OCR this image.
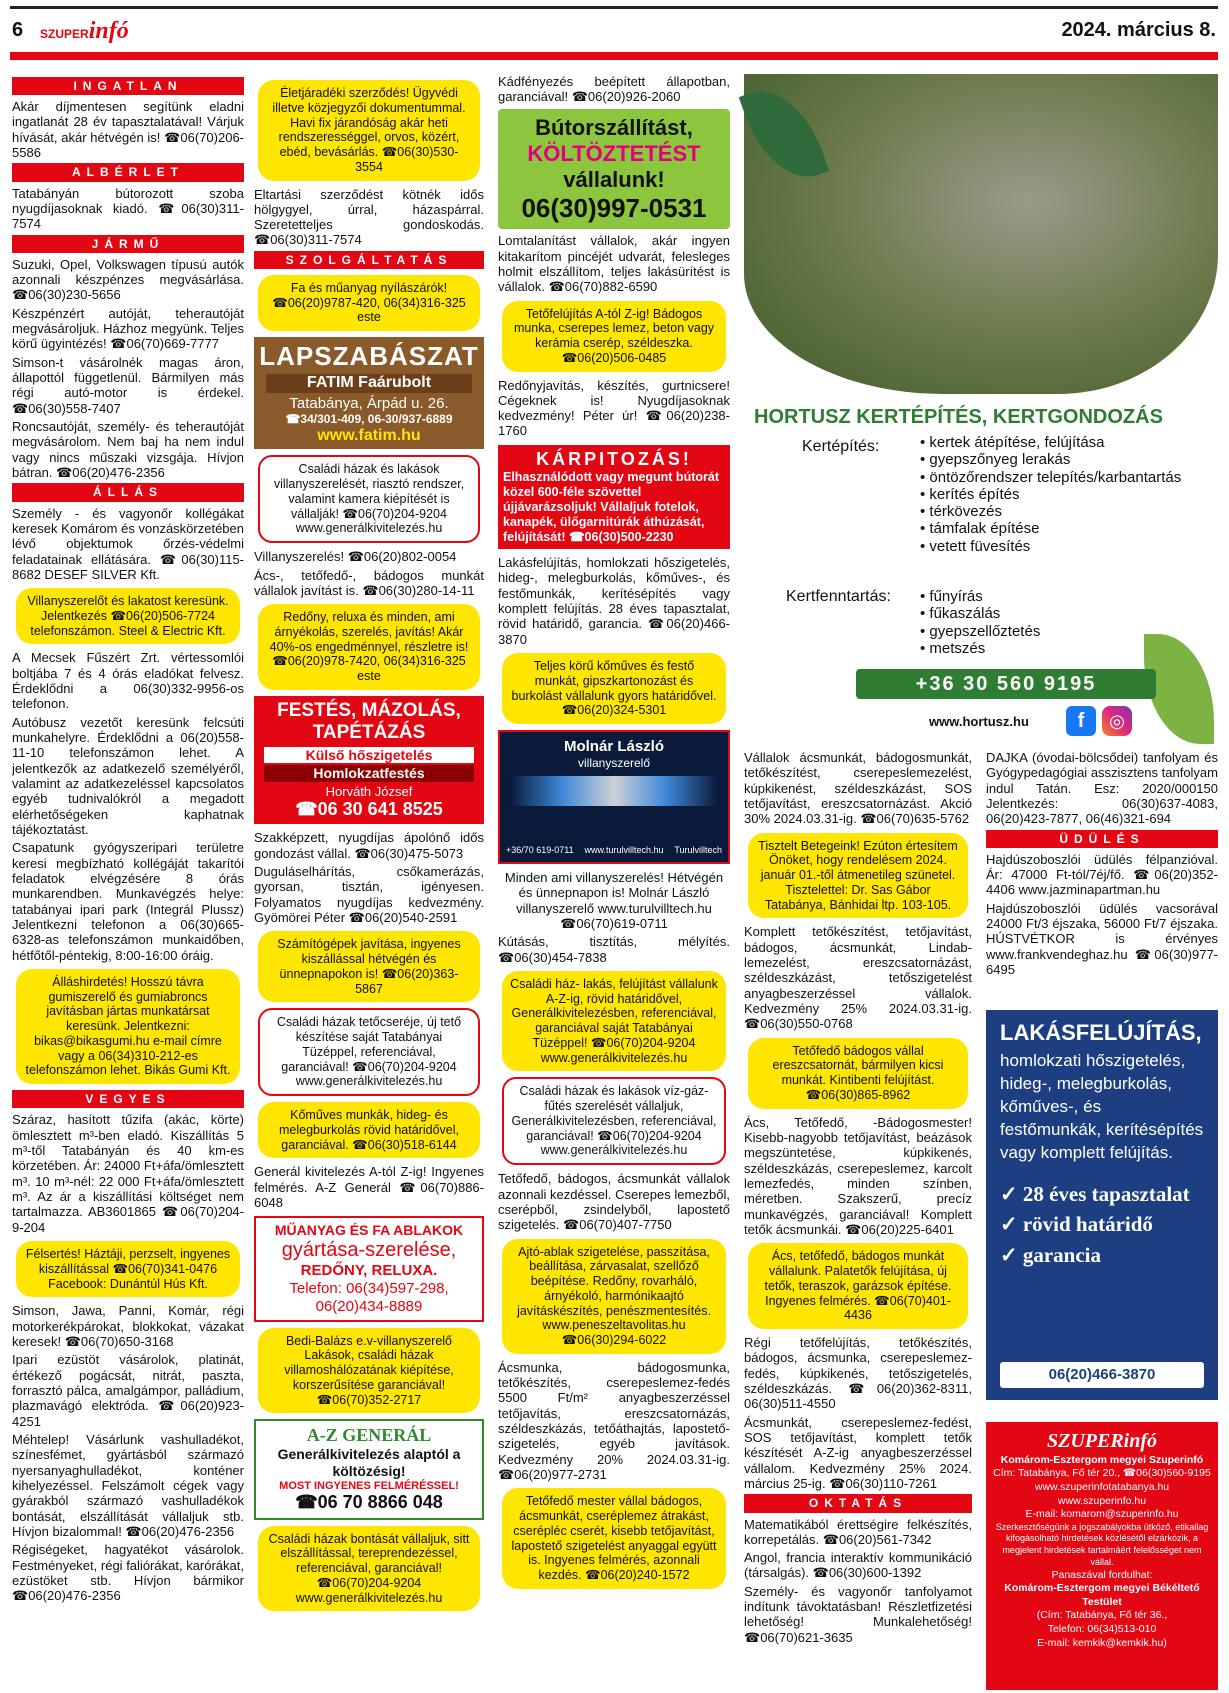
6 SZUPERinfó	2024. március 8.
INGATLAN

Akár díjmentesen segítünk eladni ingatlanát 28 év tapasztalatával! Várjuk hívását, akár hétvégén is! ☎06(70)206-5586

ALBÉRLET

Tatabányán bútorozott szoba nyugdíjasoknak kiadó. ☎06(30)311-7574

JÁRMŰ

Suzuki, Opel, Volkswagen típusú autók azonnali készpénzes megvásárlása. ☎06(30)230-5656

Készpénzért autóját, teherautóját megvásároljuk. Házhoz megyünk. Teljes körű ügyintézés! ☎06(70)669-7777

Simson-t vásárolnék magas áron, állapottól függetlenül. Bármilyen más régi autó-motor is érdekel. ☎06(30)558-7407

Roncsautóját, személy- és teherautóját megvásárolom. Nem baj ha nem indul vagy nincs műszaki vizsgája. Hívjon bátran. ☎06(20)476-2356

ÁLLÁS

Személy - és vagyonőr kollégákat keresek Komárom és vonzáskörzetében lévő objektumok őrzés-védelmi feladatainak ellátására. ☎06(30)115-8682 DESEF SILVER Kft.

Villanyszerelőt és lakatost keresünk. Jelentkezés ☎06(20)506-7724 telefonszámon. Steel & Electric Kft.

A Mecsek Fűszért Zrt. vértessomlói boltjába 7 és 4 órás eladókat felvesz. Érdeklődni a 06(30)332-9956-os telefonon.

Autóbusz vezetőt keresünk felcsúti munkahelyre. Érdeklődni a 06(20)558-11-10 telefonszámon lehet. A jelentkezők az adatkezelő személyéről, valamint az adatkezeléssel kapcsolatos egyéb tudnivalókról a megadott elérhetőségeken kaphatnak tájékoztatást.

Csapatunk gyógyszeripari területre keresi megbízható kollégáját takarítói feladatok elvégzésére 8 órás munkarendben. Munkavégzés helye: tatabányai ipari park (Integrál Plussz) Jelentkezni telefonon a 06(30)665-6328-as telefonszámon munkaidőben, hétfőtől-péntekig, 8:00-16:00 óráig.

Álláshirdetés! Hosszú távra gumiszerelő és gumiabroncs javításban jártas munkatársat keresünk. Jelentkezni: bikas@bikasgumi.hu e-mail címre vagy a 06(34)310-212-es telefonszámon lehet. Bikás Gumi Kft.
VEGYES

Száraz, hasított tűzifa (akác, körte) ömlesztett m³-ben eladó. Kiszállítás 5 m³-től Tatabányán és 40 km-es körzetében. Ár: 24000 Ft+áfa/ömlesztett m³. 10 m³-nél: 22 000 Ft+áfa/ömlesztett m³. Az ár a kiszállítási költséget nem tartalmazza. AB3601865 ☎06(70)204-9-204

Félsertés! Háztáji, perzselt, ingyenes kiszállítással ☎06(70)341-0476 Facebook: Dunántúl Hús Kft.

Simson, Jawa, Panni, Komár, régi motorkerékpárokat, blokkokat, vázakat keresek! ☎06(70)650-3168

Ipari ezüstöt vásárolok, platinát, értékező pogácsát, nitrát, paszta, forrasztó pálca, amalgámpor, palládium, plazmavágó elektróda. ☎06(20)923-4251

Méhtelep! Vásárlunk vashulladékot, színesfémet, gyártásból származó nyersanyaghulladékot, konténer kihelyezéssel. Felszámolt cégek vagy gyárakból származó vashulladékok bontását, elszállítását vállaljuk stb. Hívjon bizalommal! ☎06(20)476-2356

Régiségeket, hagyatékot vásárolok. Festményeket, régi faliórákat, karórákat, ezüstöket stb. Hívjon bármikor ☎06(20)476-2356

Életjáradéki szerződés! Ügyvédi illetve közjegyzői dokumentummal. Havi fix járandóság akár heti rendszerességgel, orvos, közért, ebéd, bevásárlás. ☎06(30)530-3554

Eltartási szerződést kötnék idős hölgygyel, úrral, házaspárral. Szeretetteljes gondoskodás. ☎06(30)311-7574

SZOLGÁLTATÁS
Fa és műanyag nyílászárók! ☎06(20)9787-420, 06(34)316-325 este
LAPSZABÁSZAT
FATIM Faárubolt
Tatabánya, Árpád u. 26.
☎34/301-409, 06-30/937-6889
www.fatim.hu
Családi házak és lakások villanyszerelését, riasztó rendszer, valamint kamera kiépítését is vállalják! ☎06(70)204-9204 www.generálkivitelezés.hu

Villanyszerelés! ☎06(20)802-0054

Ács-, tetőfedő-, bádogos munkát vállalok javítást is. ☎06(30)280-14-11

Redőny, reluxa és minden, ami árnyékolás, szerelés, javítás! Akár 40%-os engedménnyel, részletre is! ☎06(20)978-7420, 06(34)316-325 este
FESTÉS, MÁZOLÁS, TAPÉTÁZÁS
Külső hőszigetelés
Homlokzatfestés
Horváth József
☎06 30 641 8525

Szakképzett, nyugdíjas ápolónő idős gondozást vállal. ☎06(30)475-5073

Duguláselhárítás, csőkamerázás, gyorsan, tisztán, igényesen. Folyamatos nyugdíjas kedvezmény. Gyömörei Péter ☎06(20)540-2591

Számítógépek javítása, ingyenes kiszállással hétvégén és ünnepnapokon is! ☎06(20)363-5867
Családi házak tetőcseréje, új tető készítése saját Tatabányai Tüzéppel, referenciával, garanciával! ☎06(70)204-9204 www.generálkivitelezés.hu
Kőműves munkák, hideg- és melegburkolás rövid határidővel, garanciával. ☎06(30)518-6144

Generál kivitelezés A-tól Z-ig! Ingyenes felmérés. A-Z Generál ☎06(70)886-6048

MŰANYAG ÉS FA ABLAKOK
gyártása-szerelése,
REDŐNY, RELUXA.
Telefon: 06(34)597-298, 06(20)434-8889
Bedi-Balázs e.v-villanyszerelő Lakások, családi házak villamoshálózatának kiépítése, korszerűsítése garanciával! ☎06(70)352-2717
A-Z GENERÁL
Generálkivitelezés alaptól a költözésig!
MOST INGYENES FELMÉRÉSSEL!
☎06 70 8866 048
Családi házak bontását vállaljuk, sitt elszállítással, tereprendezéssel, referenciával, garanciával! ☎06(70)204-9204 www.generálkivitelezés.hu

Kádfényezés beépített állapotban, garanciával! ☎06(20)926-2060

Bútorszállítást,
KÖLTÖZTETÉST
vállalunk!
06(30)997-0531

Lomtalanítást vállalok, akár ingyen kitakarítom pincéjét udvarát, felesleges holmit elszállítom, teljes lakásürítést is vállalok. ☎06(70)882-6590

Tetőfelújítás A-tól Z-ig! Bádogos munka, cserepes lemez, beton vagy kerámia cserép, széldeszka. ☎06(20)506-0485

Redőnyjavítás, készítés, gurtnicsere! Cégeknek is! Nyugdíjasoknak kedvezmény! Péter úr! ☎06(20)238-1760

KÁRPITOZÁS!
Elhasználódott vagy megunt bútorát közel 600-féle szövettel újjávarázsoljuk! Vállaljuk fotelok, kanapék, ülőgarnitúrák áthúzását, felújítását! ☎06(30)500-2230

Lakásfelújítás, homlokzati hőszigetelés, hideg-, melegburkolás, kőműves-, és festőmunkák, kerítésépítés vagy komplett felújítás. 28 éves tapasztalat, rövid határidő, garancia. ☎06(20)466-3870

Teljes körű kőműves és festő munkát, gipszkartonozást és burkolást vállalunk gyors határidővel. ☎06(20)324-5301
Molnár László
villanyszerelő
+36/70 619-0711 www.turulvilltech.hu Turulvilltech

Minden ami villanyszerelés! Hétvégén és ünnepnapon is! Molnár László villanyszerelő www.turulvilltech.hu ☎06(70)619-0711

Kútásás, tisztítás, mélyítés. ☎06(30)454-7838

Családi ház- lakás, felújítást vállalunk A-Z-ig, rövid határidővel, Generálkivitelezésben, referenciával, garanciával saját Tatabányai Tüzéppel! ☎06(70)204-9204 www.generálkivitelezés.hu
Családi házak és lakások víz-gáz-fűtés szerelését vállaljuk, Generálkivitelezésben, referenciával, garanciával! ☎06(70)204-9204 www.generálkivitelezés.hu

Tetőfedő, bádogos, ácsmunkát vállalok azonnali kezdéssel. Cserepes lemezből, cserépből, zsindelyből, lapostető szigetelés. ☎06(70)407-7750

Ajtó-ablak szigetelése, passzítása, beállítása, zárvasalat, szellőző beépítése. Redőny, rovarháló, árnyékoló, harmónikaajtó javításkészítés, penészmentesítés. www.peneszeltavolitas.hu ☎06(30)294-6022

Ácsmunka, bádogosmunka, tetőkészítés, cserepeslemez-fedés 5500 Ft/m² anyagbeszerzéssel tetőjavítás, ereszcsatornázás, széldeszkázás, tetőáthajtás, lapostető-szigetelés, egyéb javítások. Kedvezmény 20% 2024.03.31-ig. ☎06(20)977-2731

Tetőfedő mester vállal bádogos, ácsmunkát, cseréplemez átrakást, cserépléc cserét, kisebb tetőjavítást, lapostető szigetelést anyaggal együtt is. Ingyenes felmérés, azonnali kezdés. ☎06(20)240-1572
HORTUSZ KERTÉPÍTÉS, KERTGONDOZÁS
Kertépítés:	• kertek átépítése, felújítása
• gyepszőnyeg lerakás
• öntözőrendszer telepítés/karbantartás
• kerítés építés
• térkövezés
• támfalak építése
• vetett füvesítés
Kertfenntartás:	• fűnyírás
• fűkaszálás
• gyepszellőztetés
• metszés
+36 30 560 9195
www.hortusz.hu	f	◎

Vállalok ácsmunkát, bádogosmunkát, tetőkészítést, cserepeslemezelést, kúpkikenést, széldeszkázást, SOS tetőjavítást, ereszcsatornázást. Akció 30% 2024.03.31-ig. ☎06(70)635-5762

Tisztelt Betegeink! Ezúton értesítem Önöket, hogy rendelésem 2024. január 01.-től átmenetileg szünetel. Tisztelettel: Dr. Sas Gábor Tatabánya, Bánhidai ltp. 103-105.

Komplett tetőkészítést, tetőjavítást, bádogos, ácsmunkát, Lindab-lemezelést, ereszcsatornázást, széldeszkázást, tetőszigetelést anyagbeszerzéssel vállalok. Kedvezmény 25% 2024.03.31-ig. ☎06(30)550-0768

Tetőfedő bádogos vállal ereszcsatornát, bármilyen kicsi munkát. Kintibenti felújítást. ☎06(30)865-8962

Ács, Tetőfedő, -Bádogosmester! Kisebb-nagyobb tetőjavítást, beázások megszüntetése, kúpkikenés, széldeszkázás, cserepeslemez, karcolt lemezfedés, minden színben, méretben. Szakszerű, precíz munkavégzés, garanciával! Komplett tetők ácsmunkái. ☎06(20)225-6401

Ács, tetőfedő, bádogos munkát vállalunk. Palatetők felújítása, új tetők, teraszok, garázsok építése. Ingyenes felmérés. ☎06(70)401-4436

Régi tetőfelújítás, tetőkészítés, bádogos, ácsmunka, cserepeslemez-fedés, kúpkikenés, tetőszigetelés, széldeszkázás. ☎06(20)362-8311, 06(30)511-4550

Ácsmunkát, cserepeslemez-fedést, SOS tetőjavítást, komplett tetők készítését A-Z-ig anyagbeszerzéssel vállalom. Kedvezmény 25% 2024. március 25-ig. ☎06(30)110-7261

OKTATÁS

Matematikából érettségire felkészítés, korrepetálás. ☎06(20)561-7342

Angol, francia interaktív kommunikáció (társalgás). ☎06(30)600-1392

Személy- és vagyonőr tanfolyamot indítunk távoktatásban! Részletfizetési lehetőség! Munkalehetőség! ☎06(70)621-3635

DAJKA (óvodai-bölcsődei) tanfolyam és Gyógypedagógiai asszisztens tanfolyam indul Tatán. Esz: 2020/000150 Jelentkezés: 06(30)637-4083, 06(20)423-7877, 06(46)321-694

ÜDÜLÉS

Hajdúszoboszlói üdülés félpanzióval. Ár: 47000 Ft-tól/7éj/fő. ☎06(20)352-4406 www.jazminapartman.hu

Hajdúszoboszlói üdülés vacsorával 24000 Ft/3 éjszaka, 56000 Ft/7 éjszaka. HÚSTVÉTKOR is érvényes www.frankvendeghaz.hu ☎06(30)977-6495

LAKÁSFELÚJÍTÁS,
homlokzati hőszigetelés, hideg-, melegburkolás, kőműves-, és festőmunkák, kerítésépítés vagy komplett felújítás.
✓ 28 éves tapasztalat
✓ rövid határidő
✓ garancia
06(20)466-3870
SZUPERinfó
Komárom-Esztergom megyei Szuperinfó
Cím: Tatabánya, Fő tér 20., ☎06(30)560-9195
www.szuperinfotatabanya.hu
www.szuperinfo.hu
E-mail: komarom@szuperinfo.hu
Szerkesztőségünk a jogszabályokba ütköző, etikailag kifogásolható hirdetések közlésétől elzárkózik, a megjelent hirdetések tartalmáért felelősséget nem vállal.
Panaszával fordulhat:
Komárom-Esztergom megyei Békéltető Testület
(Cím: Tatabánya, Fő tér 36.,
Telefon: 06(34)513-010
E-mail: kemkik@kemkik.hu)
